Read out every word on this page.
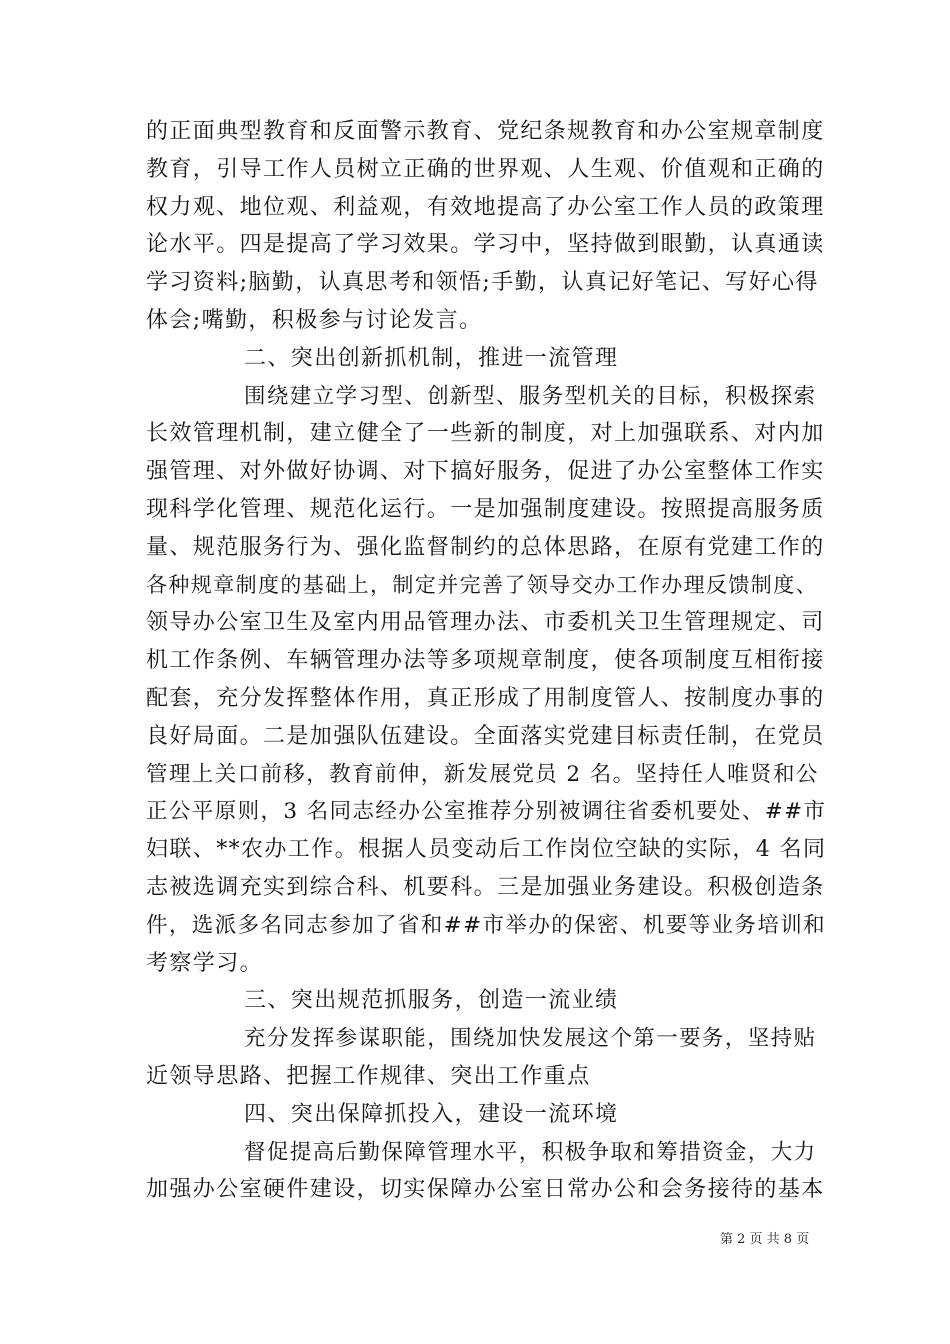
的正面典型教育和反面警示教育、党纪条规教育和办公室规章制度
教育，引导工作人员树立正确的世界观、人生观、价值观和正确的
权力观、地位观、利益观，有效地提高了办公室工作人员的政策理
论水平。四是提高了学习效果。学习中，坚持做到眼勤，认真通读
学习资料;脑勤，认真思考和领悟;手勤，认真记好笔记、写好心得
体会;嘴勤，积极参与讨论发言。
二、突出创新抓机制，推进一流管理
围绕建立学习型、创新型、服务型机关的目标，积极探索
长效管理机制，建立健全了一些新的制度，对上加强联系、对内加
强管理、对外做好协调、对下搞好服务，促进了办公室整体工作实
现科学化管理、规范化运行。一是加强制度建设。按照提高服务质
量、规范服务行为、强化监督制约的总体思路，在原有党建工作的
各种规章制度的基础上，制定并完善了领导交办工作办理反馈制度、
领导办公室卫生及室内用品管理办法、市委机关卫生管理规定、司
机工作条例、车辆管理办法等多项规章制度，使各项制度互相衔接
配套，充分发挥整体作用，真正形成了用制度管人、按制度办事的
良好局面。二是加强队伍建设。全面落实党建目标责任制，在党员
管理上关口前移，教育前伸，新发展党员 2 名。坚持任人唯贤和公
正公平原则，3 名同志经办公室推荐分别被调往省委机要处、##市
妇联、**农办工作。根据人员变动后工作岗位空缺的实际，4 名同
志被选调充实到综合科、机要科。三是加强业务建设。积极创造条
件，选派多名同志参加了省和##市举办的保密、机要等业务培训和
考察学习。
三、突出规范抓服务，创造一流业绩
充分发挥参谋职能，围绕加快发展这个第一要务，坚持贴
近领导思路、把握工作规律、突出工作重点
四、突出保障抓投入，建设一流环境
督促提高后勤保障管理水平，积极争取和筹措资金，大力
加强办公室硬件建设，切实保障办公室日常办公和会务接待的基本
第 2 页 共 8 页
